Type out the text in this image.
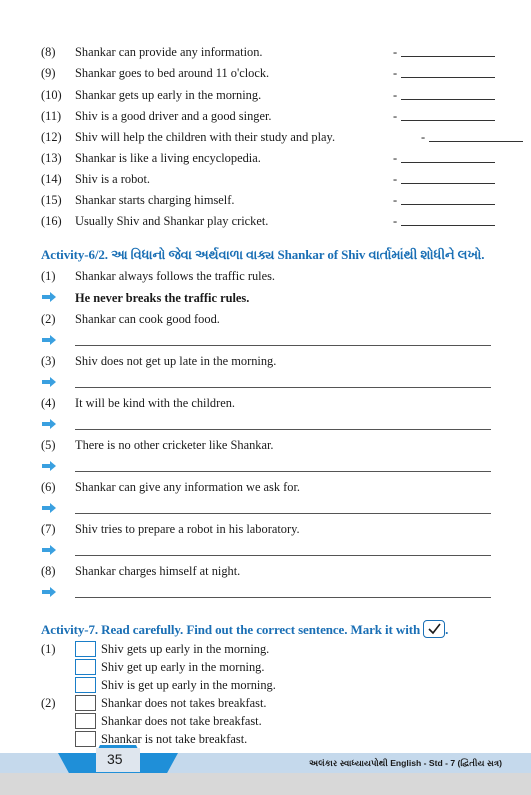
(8)	Shankar can provide any information.	-
(9)	Shankar goes to bed around 11 o'clock.	-
(10)	Shankar gets up early in the morning.	-
(11)	Shiv is a good driver and a good singer.	-
(12)	Shiv will help the children with their study and play.	-
(13)	Shankar is like a living encyclopedia.	-
(14)	Shiv is a robot.	-
(15)	Shankar starts charging himself.	-
(16)	Usually Shiv and Shankar play cricket.	-
Activity-6/2. આ વિધાનો જેવા અર્થવાળા વાક્ય Shankar of Shiv વાર્તામાંથી શોધીને લખો.
(1)	Shankar always follows the traffic rules.
He never breaks the traffic rules.
(2)	Shankar can cook good food.
(3)	Shiv does not get up late in the morning.
(4)	It will be kind with the children.
(5)	There is no other cricketer like Shankar.
(6)	Shankar can give any information we ask for.
(7)	Shiv tries to prepare a robot in his laboratory.
(8)	Shankar charges himself at night.
Activity-7. Read carefully. Find out the correct sentence. Mark it with .
(1)	Shiv gets up early in the morning.
Shiv get up early in the morning.
Shiv is get up early in the morning.
(2)	Shankar does not takes breakfast.
Shankar does not take breakfast.
Shankar is not take breakfast.
35	અલંકાર સ્વાધ્યાયપોથી English - Std - 7 (દ્વિતીય સત્ર)
